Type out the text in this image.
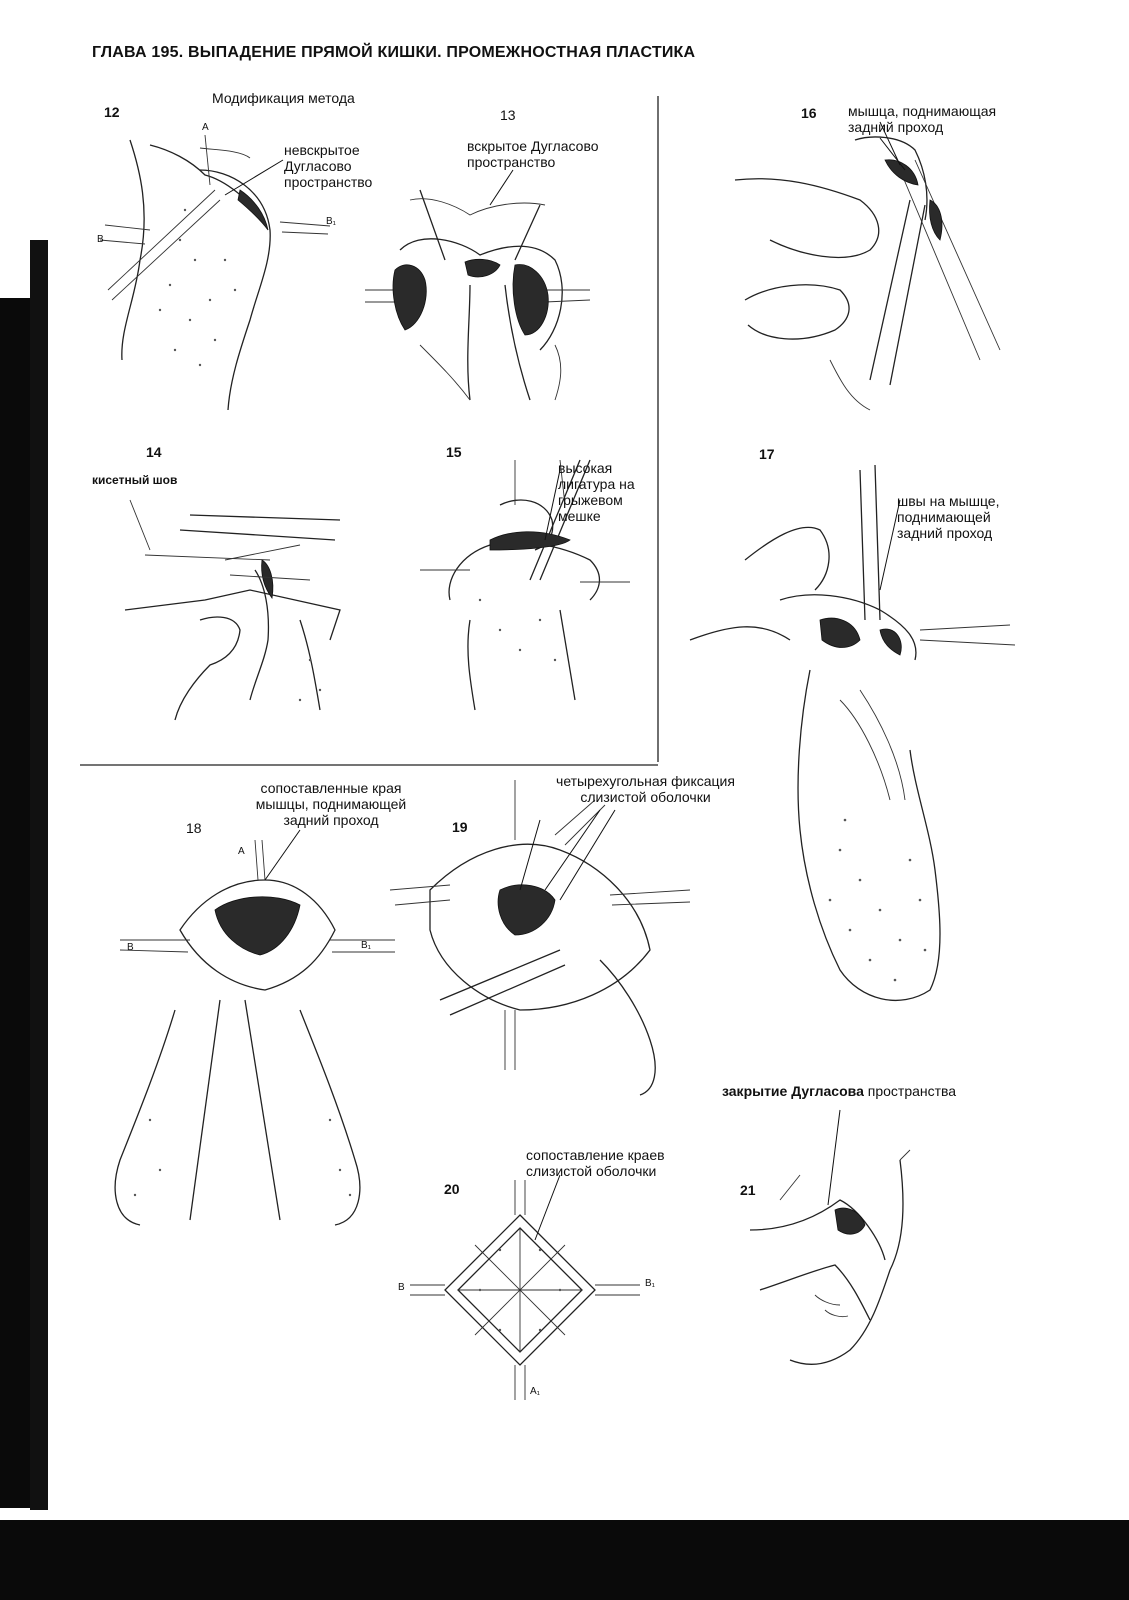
ГЛАВА 195. ВЫПАДЕНИЕ ПРЯМОЙ КИШКИ. ПРОМЕЖНОСТНАЯ ПЛАСТИКА
Модификация метода
12
невскрытое Дугласово пространство
A
B
B₁
13
вскрытое Дугласово пространство
14
кисетный шов
15
высокая лигатура на грыжевом мешке
16 мышца, поднимающая задний проход
17
швы на мышце, поднимающей задний проход
сопоставленные края мышцы, поднимающей задний проход
18
A
B	B₁
четырехугольная фиксация слизистой оболочки
19
сопоставление краев слизистой оболочки
20
B	B₁
A₁
закрытие Дугласова пространства
21
